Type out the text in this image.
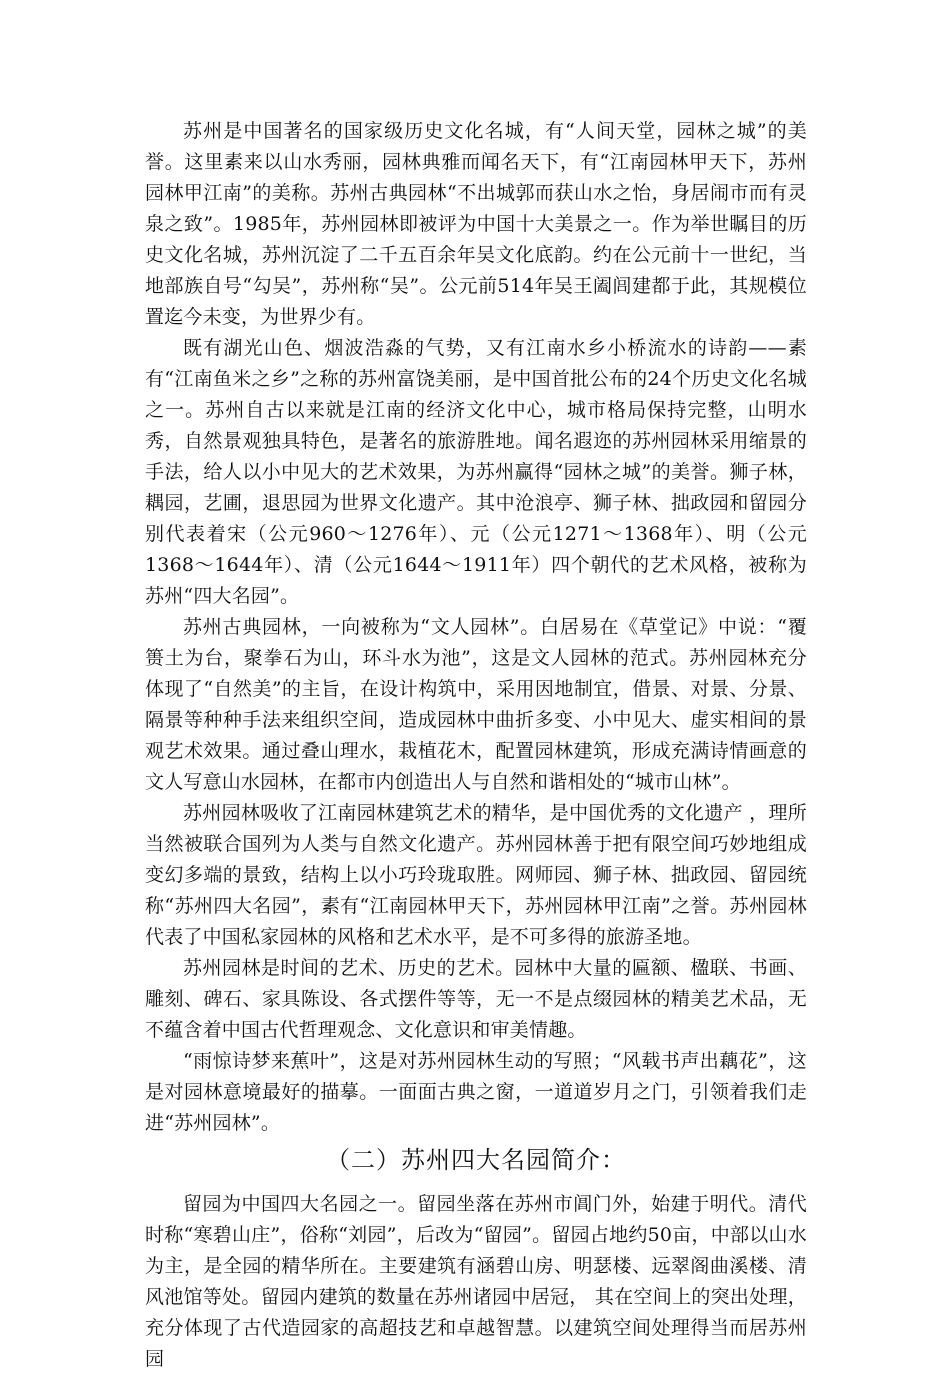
苏州是中国著名的国家级历史文化名城，有“人间天堂，园林之城”的美誉。这里素来以山水秀丽，园林典雅而闻名天下，有“江南园林甲天下，苏州园林甲江南”的美称。苏州古典园林“不出城郭而获山水之怡，身居闹市而有灵泉之致”。1985年，苏州园林即被评为中国十大美景之一。作为举世瞩目的历史文化名城，苏州沉淀了二千五百余年吴文化底韵。约在公元前十一世纪，当地部族自号“勾吴”，苏州称“吴”。公元前514年吴王阖闾建都于此，其规模位置迄今未变，为世界少有。

既有湖光山色、烟波浩淼的气势，又有江南水乡小桥流水的诗韵——素有“江南鱼米之乡”之称的苏州富饶美丽，是中国首批公布的24个历史文化名城之一。苏州自古以来就是江南的经济文化中心，城市格局保持完整，山明水秀，自然景观独具特色，是著名的旅游胜地。闻名遐迩的苏州园林采用缩景的手法，给人以小中见大的艺术效果，为苏州赢得“园林之城”的美誉。狮子林，耦园，艺圃，退思园为世界文化遗产。其中沧浪亭、狮子林、拙政园和留园分别代表着宋（公元960～1276年）、元（公元1271～1368年）、明（公元1368～1644年）、清（公元1644～1911年）四个朝代的艺术风格，被称为苏州“四大名园”。

苏州古典园林，一向被称为“文人园林”。白居易在《草堂记》中说：“覆篑土为台，聚拳石为山，环斗水为池”，这是文人园林的范式。苏州园林充分体现了“自然美”的主旨，在设计构筑中，采用因地制宜，借景、对景、分景、隔景等种种手法来组织空间，造成园林中曲折多变、小中见大、虚实相间的景观艺术效果。通过叠山理水，栽植花木，配置园林建筑，形成充满诗情画意的文人写意山水园林，在都市内创造出人与自然和谐相处的“城市山林”。

苏州园林吸收了江南园林建筑艺术的精华，是中国优秀的文化遗产 ，理所当然被联合国列为人类与自然文化遗产。苏州园林善于把有限空间巧妙地组成变幻多端的景致，结构上以小巧玲珑取胜。网师园、狮子林、拙政园、留园统称“苏州四大名园”，素有“江南园林甲天下，苏州园林甲江南”之誉。苏州园林代表了中国私家园林的风格和艺术水平，是不可多得的旅游圣地。

苏州园林是时间的艺术、历史的艺术。园林中大量的匾额、楹联、书画、雕刻、碑石、家具陈设、各式摆件等等，无一不是点缀园林的精美艺术品，无不蕴含着中国古代哲理观念、文化意识和审美情趣。

“雨惊诗梦来蕉叶”，这是对苏州园林生动的写照；“风载书声出藕花”，这是对园林意境最好的描摹。一面面古典之窗，一道道岁月之门，引领着我们走进“苏州园林”。

（二）苏州四大名园简介：

留园为中国四大名园之一。留园坐落在苏州市阊门外，始建于明代。清代时称“寒碧山庄”，俗称“刘园”，后改为“留园”。留园占地约50亩，中部以山水为主，是全园的精华所在。主要建筑有涵碧山房、明瑟楼、远翠阁曲溪楼、清风池馆等处。留园内建筑的数量在苏州诸园中居冠， 其在空间上的突出处理，充分体现了古代造园家的高超技艺和卓越智慧。以建筑空间处理得当而居苏州园
